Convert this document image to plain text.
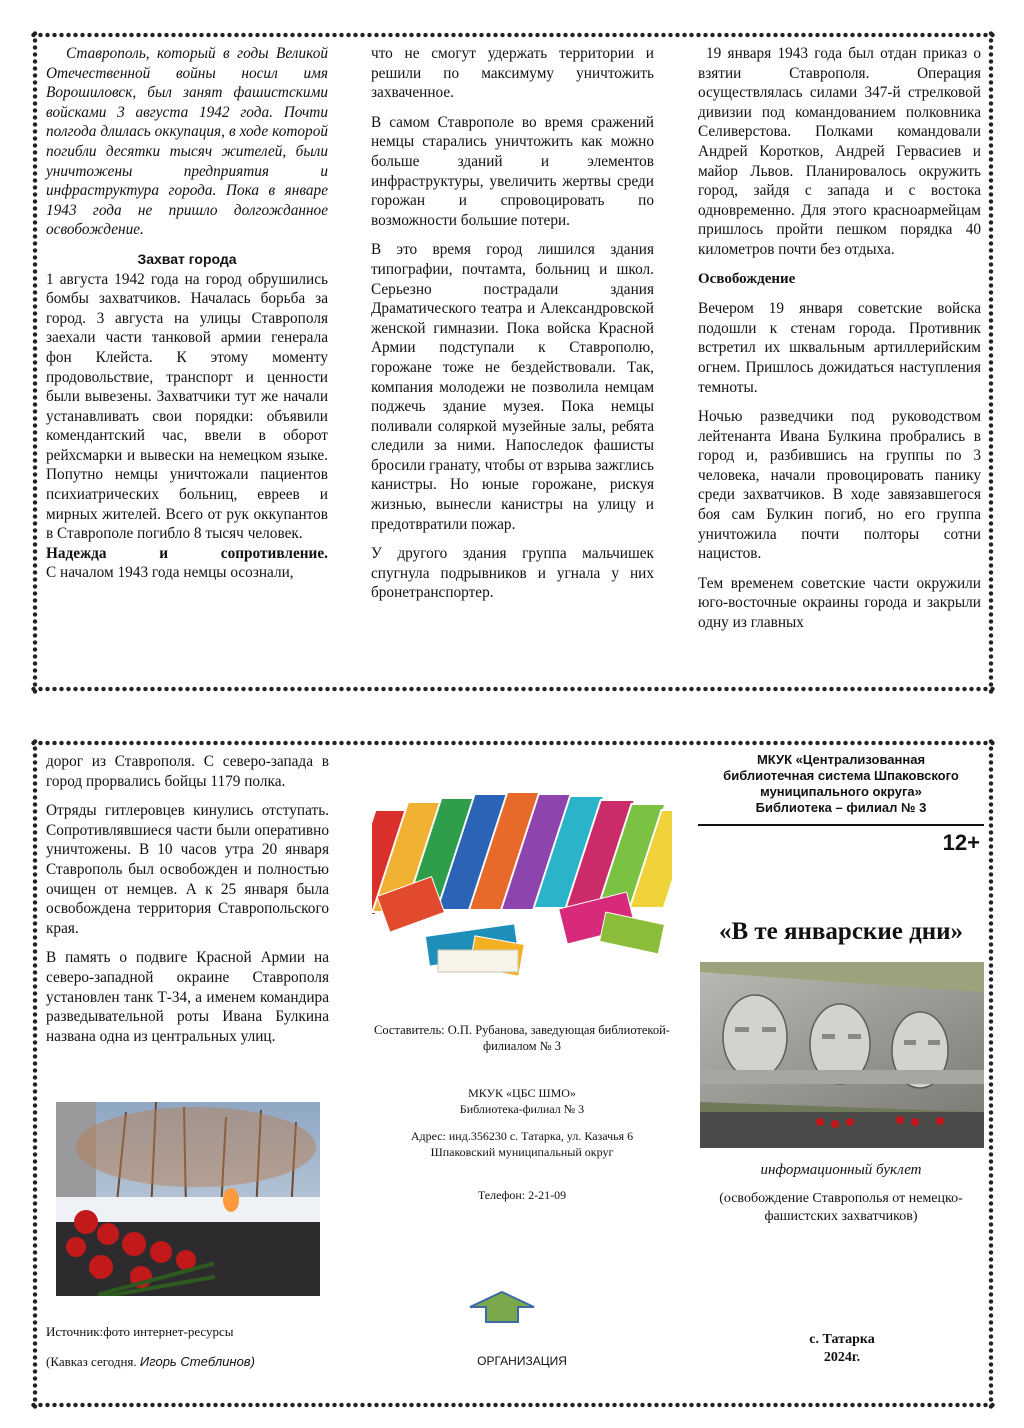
Ставрополь, который в годы Великой Отечественной войны носил имя Ворошиловск, был занят фашистскими войсками 3 августа 1942 года. Почти полгода длилась оккупация, в ходе которой погибли десятки тысяч жителей, были уничтожены предприятия и инфраструктура города. Пока в январе 1943 года не пришло долгожданное освобождение.

Захват города

1 августа 1942 года на город обрушились бомбы захватчиков. Началась борьба за город. 3 августа на улицы Ставрополя заехали части танковой армии генерала фон Клейста. К этому моменту продовольствие, транспорт и ценности были вывезены. Захватчики тут же начали устанавливать свои порядки: объявили комендантский час, ввели в оборот рейхсмарки и вывески на немецком языке. Попутно немцы уничтожали пациентов психиатрических больниц, евреев и мирных жителей. Всего от рук оккупантов в Ставрополе погибло 8 тысяч человек.

Надежда и сопротивление.

С началом 1943 года немцы осознали,

что не смогут удержать территории и решили по максимуму уничтожить захваченное.

В самом Ставрополе во время сражений немцы старались уничтожить как можно больше зданий и элементов инфраструктуры, увеличить жертвы среди горожан и спровоцировать по возможности большие потери.

В это время город лишился здания типографии, почтамта, больниц и школ. Серьезно пострадали здания Драматического театра и Александровской женской гимназии. Пока войска Красной Армии подступали к Ставрополю, горожане тоже не бездействовали. Так, компания молодежи не позволила немцам поджечь здание музея. Пока немцы поливали соляркой музейные залы, ребята следили за ними. Напоследок фашисты бросили гранату, чтобы от взрыва зажглись канистры. Но юные горожане, рискуя жизнью, вынесли канистры на улицу и предотвратили пожар.

У другого здания группа мальчишек спугнула подрывников и угнала у них бронетранспортер.

19 января 1943 года был отдан приказ о взятии Ставрополя. Операция осуществлялась силами 347-й стрелковой дивизии под командованием полковника Селиверстова. Полками командовали Андрей Коротков, Андрей Гервасиев и майор Львов. Планировалось окружить город, зайдя с запада и с востока одновременно. Для этого красноармейцам пришлось пройти пешком порядка 40 километров почти без отдыха.

Освобождение

Вечером 19 января советские войска подошли к стенам города. Противник встретил их шквальным артиллерийским огнем. Пришлось дожидаться наступления темноты.

Ночью разведчики под руководством лейтенанта Ивана Булкина пробрались в город и, разбившись на группы по 3 человека, начали провоцировать панику среди захватчиков. В ходе завязавшегося боя сам Булкин погиб, но его группа уничтожила почти полторы сотни нацистов.

Тем временем советские части окружили юго-восточные окраины города и закрыли одну из главных

дорог из Ставрополя. С северо-запада в город прорвались бойцы 1179 полка.

Отряды гитлеровцев кинулись отступать. Сопротивлявшиеся части были оперативно уничтожены. В 10 часов утра 20 января Ставрополь был освобожден и полностью очищен от немцев. А к 25 января была освобождена территория Ставропольского края.

В память о подвиге Красной Армии на северо-западной окраине Ставрополя установлен танк Т-34, а именем командира разведывательной роты Ивана Булкина названа одна из центральных улиц.

Источник:фото интернет-ресурсы
(Кавказ сегодня. Игорь Стеблинов)
Составитель: О.П. Рубанова, заведующая библиотекой-филиалом № 3
МКУК «ЦБС ШМО»
Библиотека-филиал № 3
Адрес: инд.356230 с. Татарка, ул. Казачья 6
Шпаковский муниципальный округ
Телефон: 2-21-09
ОРГАНИЗАЦИЯ
МКУК «Централизованная
библиотечная система Шпаковского
муниципального округа»
Библиотека – филиал № 3
12+
«В те январские дни»
информационный буклет
(освобождение Ставрополья от немецко-фашистских захватчиков)
с. Татарка
2024г.
